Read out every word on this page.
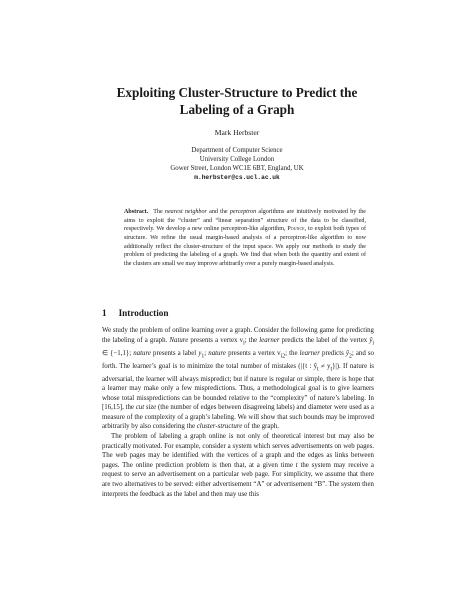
Exploiting Cluster-Structure to Predict the
Labeling of a Graph
Mark Herbster
Department of Computer Science
University College London
Gower Street, London WC1E 6BT, England, UK
m.herbster@cs.ucl.ac.uk
Abstract. The nearest neighbor and the perceptron algorithms are intuitively motivated by the aims to exploit the “cluster” and “linear separation” structure of the data to be classified, respectively. We develop a new online perceptron-like algorithm, Pounce, to exploit both types of structure. We refine the usual margin-based analysis of a perceptron-like algorithm to now additionally reflect the cluster-structure of the input space. We apply our methods to study the problem of predicting the labeling of a graph. We find that when both the quantity and extent of the clusters are small we may improve arbitrarily over a purely margin-based analysis.
1 Introduction

We study the problem of online learning over a graph. Consider the following game for predicting the labeling of a graph. Nature presents a vertex $v_i$; the learner predicts the label of the vertex $ŷ_i$ ∈ {−1,1}; nature presents a label $y_1$; nature presents a vertex $v_{i2}$; the learner predicts $ŷ_2$; and so forth. The learner’s goal is to minimize the total number of mistakes (|{t : $ŷ_t \ne y_t\}|$). If nature is adversarial, the learner will always mispredict; but if nature is regular or simple, there is hope that a learner may make only a few mispredictions. Thus, a methodological goal is to give learners whose total misspredictions can be bounded relative to the “complexity” of nature’s labeling. In [16,15], the cut size (the number of edges between disagreeing labels) and diameter were used as a measure of the complexity of a graph’s labeling. We will show that such bounds may be improved arbitrarily by also considering the cluster-structure of the graph.

The problem of labeling a graph online is not only of theoretical interest but may also be practically motivated. For example, consider a system which serves advertisements on web pages. The web pages may be identified with the vertices of a graph and the edges as links between pages. The online prediction problem is then that, at a given time t the system may receive a request to serve an advertisement on a particular web page. For simplicity, we assume that there are two alternatives to be served: either advertisement “A” or advertisement “B”. The system then interprets the feedback as the label and then may use this
